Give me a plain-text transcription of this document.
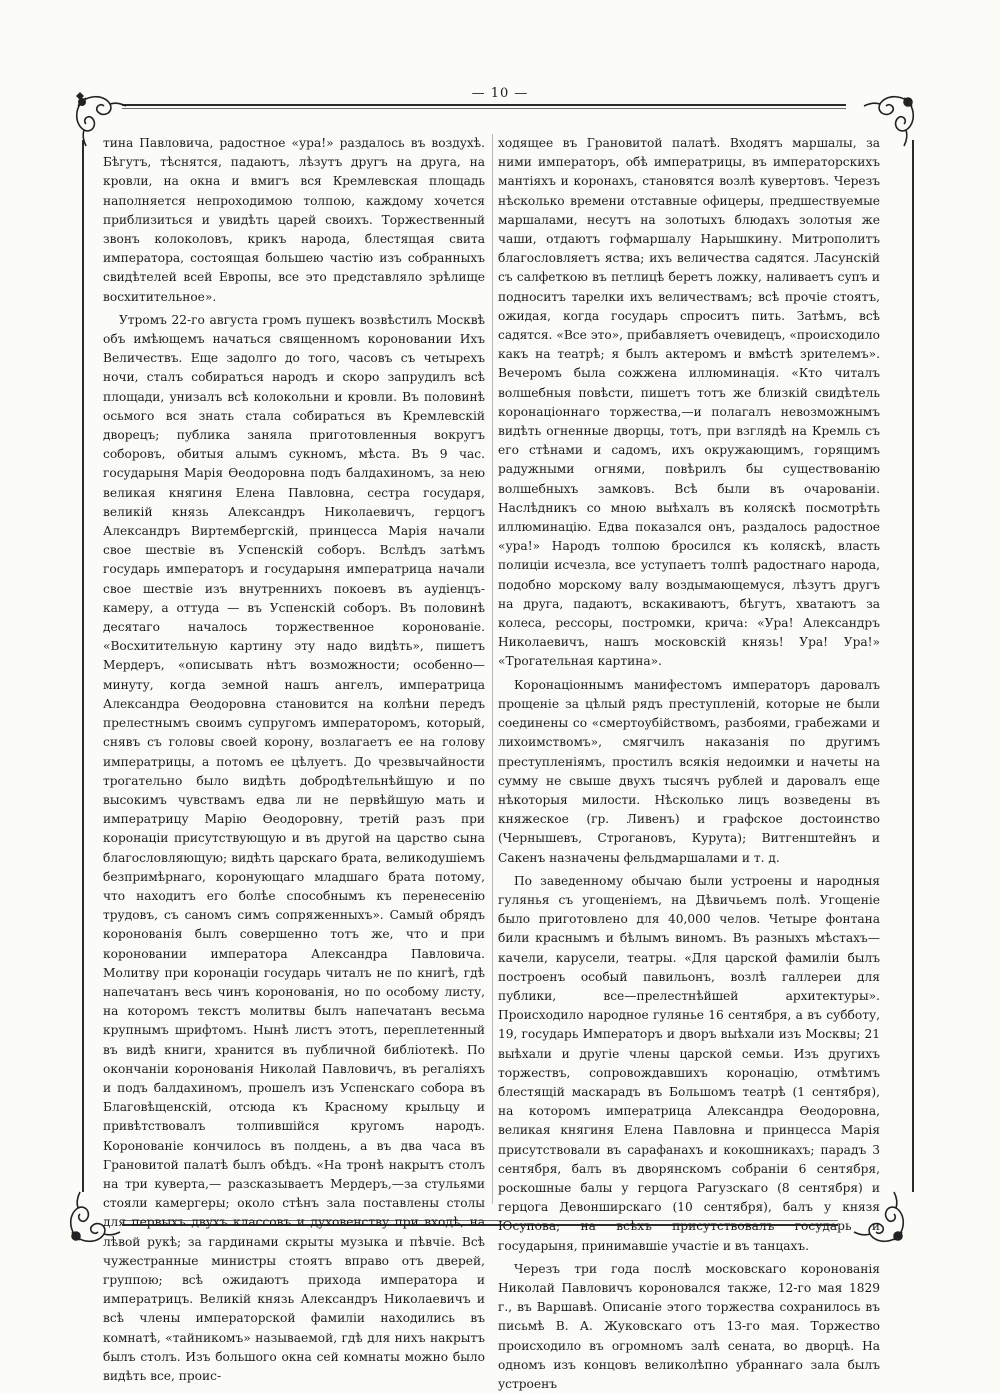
— 10 —

тина Павловича, радостное «ура!» раздалось въ воздухѣ. Бѣгутъ, тѣснятся, падаютъ, лѣзутъ другъ на друга, на кровли, на окна и вмигъ вся Кремлевская площадь наполняется непроходимою толпою, каждому хочется приблизиться и увидѣть царей своихъ. Торжественный звонъ колоколовъ, крикъ народа, блестящая свита императора, состоящая большею частію изъ собранныхъ свидѣтелей всей Европы, все это представляло зрѣлище восхитительное».

Утромъ 22-го августа громъ пушекъ возвѣстилъ Москвѣ объ имѣющемъ начаться священномъ короновании Ихъ Величествъ. Еще задолго до того, часовъ съ четырехъ ночи, сталъ собираться народъ и скоро запрудилъ всѣ площади, унизалъ всѣ колокольни и кровли. Въ половинѣ осьмого вся знать стала собираться въ Кремлевскій дворецъ; публика заняла приготовленныя вокругъ соборовъ, обитыя алымъ сукномъ, мѣста. Въ 9 час. государыня Марія Ѳеодоровна подъ балдахиномъ, за нею великая княгиня Елена Павловна, сестра государя, великій князь Александръ Николаевичъ, герцогъ Александръ Виртембергскій, принцесса Марія начали свое шествіе въ Успенскій соборъ. Вслѣдъ затѣмъ государь императоръ и государыня императрица начали свое шествіе изъ внутреннихъ покоевъ въ аудіенцъ-камеру, а оттуда — въ Успенскій соборъ. Въ половинѣ десятаго началось торжественное коронованіе. «Восхитительную картину эту надо видѣть», пишетъ Мердеръ, «описывать нѣтъ возможности; особенно—минуту, когда земной нашъ ангелъ, императрица Александра Ѳеодоровна становится на колѣни передъ прелестнымъ своимъ супругомъ императоромъ, который, снявъ съ головы своей корону, возлагаетъ ее на голову императрицы, а потомъ ее цѣлуетъ. До чрезвычайности трогательно было видѣть добродѣтельнѣйшую и по высокимъ чувствамъ едва ли не первѣйшую мать и императрицу Марію Ѳеодоровну, третій разъ при коронаціи присутствующую и въ другой на царство сына благословляющую; видѣть царскаго брата, великодушіемъ безпримѣрнаго, коронующаго младшаго брата потому, что находитъ его болѣе способнымъ къ перенесенію трудовъ, съ саномъ симъ сопряженныхъ». Самый обрядъ коронованія былъ совершенно тотъ же, что и при короновании императора Александра Павловича. Молитву при коронаціи государь читалъ не по книгѣ, гдѣ напечатанъ весь чинъ коронованія, но по особому листу, на которомъ текстъ молитвы былъ напечатанъ весьма крупнымъ шрифтомъ. Нынѣ листъ этотъ, переплетенный въ видѣ книги, хранится въ публичной библіотекѣ. По окончаніи коронованія Николай Павловичъ, въ регаліяхъ и подъ балдахиномъ, прошелъ изъ Успенскаго собора въ Благовѣщенскій, отсюда къ Красному крыльцу и привѣтствовалъ толпившійся кругомъ народъ. Коронованіе кончилось въ полдень, а въ два часа въ Грановитой палатѣ былъ обѣдъ. «На тронѣ накрытъ столъ на три куверта,— разсказываетъ Мердеръ,—за стульями стояли камергеры; около стѣнъ зала поставлены столы для первыхъ двухъ классовъ и духовенству при входѣ, на лѣвой рукѣ; за гардинами скрыты музыка и пѣвчіе. Всѣ чужестранные министры стоятъ вправо отъ дверей, группою; всѣ ожидаютъ прихода императора и императрицъ. Великій князь Александръ Николаевичъ и всѣ члены императорской фамиліи находились въ комнатѣ, «тайникомъ» называемой, гдѣ для нихъ накрытъ былъ столъ. Изъ большого окна сей комнаты можно было видѣть все, проис-

ходящее въ Грановитой палатѣ. Входятъ маршалы, за ними императоръ, обѣ императрицы, въ императорскихъ мантіяхъ и коронахъ, становятся возлѣ кувертовъ. Черезъ нѣсколько времени отставные офицеры, предшествуемые маршалами, несутъ на золотыхъ блюдахъ золотыя же чаши, отдаютъ гофмаршалу Нарышкину. Митрополитъ благословляетъ яства; ихъ величества садятся. Ласунскій съ салфеткою въ петлицѣ беретъ ложку, наливаетъ супъ и подноситъ тарелки ихъ величествамъ; всѣ прочіе стоятъ, ожидая, когда государь спроситъ пить. Затѣмъ, всѣ садятся. «Все это», прибавляетъ очевидецъ, «происходило какъ на театрѣ; я былъ актеромъ и вмѣстѣ зрителемъ». Вечеромъ была сожжена иллюминація. «Кто читалъ волшебныя повѣсти, пишетъ тотъ же близкій свидѣтель коронаціоннаго торжества,—и полагалъ невозможнымъ видѣть огненные дворцы, тотъ, при взглядѣ на Кремль съ его стѣнами и садомъ, ихъ окружающимъ, горящимъ радужными огнями, повѣрилъ бы существованію волшебныхъ замковъ. Всѣ были въ очарованіи. Наслѣдникъ со мною выѣхалъ въ коляскѣ посмотрѣть иллюминацію. Едва показался онъ, раздалось радостное «ура!» Народъ толпою бросился къ коляскѣ, власть полиціи исчезла, все уступаетъ толпѣ радостнаго народа, подобно морскому валу воздымающемуся, лѣзутъ другъ на друга, падаютъ, вскакиваютъ, бѣгутъ, хватаютъ за колеса, рессоры, постромки, крича: «Ура! Александръ Николаевичъ, нашъ московскій князь! Ура! Ура!» «Трогательная картина».

Коронаціоннымъ манифестомъ императоръ даровалъ прощеніе за цѣлый рядъ преступленій, которые не были соединены со «смертоубійствомъ, разбоями, грабежами и лихоимствомъ», смягчилъ наказанія по другимъ преступленіямъ, простилъ всякія недоимки и начеты на сумму не свыше двухъ тысячъ рублей и даровалъ еще нѣкоторыя милости. Нѣсколько лицъ возведены въ княжеское (гр. Ливенъ) и графское достоинство (Чернышевъ, Строгановъ, Курута); Витгенштейнъ и Сакенъ назначены фельдмаршалами и т. д.

По заведенному обычаю были устроены и народныя гулянья съ угощеніемъ, на Дѣвичьемъ полѣ. Угощеніе было приготовлено для 40,000 челов. Четыре фонтана били краснымъ и бѣлымъ виномъ. Въ разныхъ мѣстахъ— качели, карусели, театры. «Для царской фамиліи былъ построенъ особый павильонъ, возлѣ галлереи для публики, все—прелестнѣйшей архитектуры». Происходило народное гулянье 16 сентября, а въ субботу, 19, государь Императоръ и дворъ выѣхали изъ Москвы; 21 выѣхали и другіе члены царской семьи. Изъ другихъ торжествъ, сопровождавшихъ коронацію, отмѣтимъ блестящій маскарадъ въ Большомъ театрѣ (1 сентября), на которомъ императрица Александра Ѳеодоровна, великая княгиня Елена Павловна и принцесса Марія присутствовали въ сарафанахъ и кокошникахъ; парадъ 3 сентября, балъ въ дворянскомъ собраніи 6 сентября, роскошные балы у герцога Рагузскаго (8 сентября) и герцога Девонширскаго (10 сентября), балъ у князя Юсупова; на всѣхъ присутствовалъ государь и государыня, принимавшіе участіе и въ танцахъ.

Черезъ три года послѣ московскаго коронованія Николай Павловичъ короновался также, 12-го мая 1829 г., въ Варшавѣ. Описаніе этого торжества сохранилось въ письмѣ В. А. Жуковскаго отъ 13-го мая. Торжество происходило въ огромномъ залѣ сената, во дворцѣ. На одномъ изъ концовъ великолѣпно убраннаго зала былъ устроенъ
